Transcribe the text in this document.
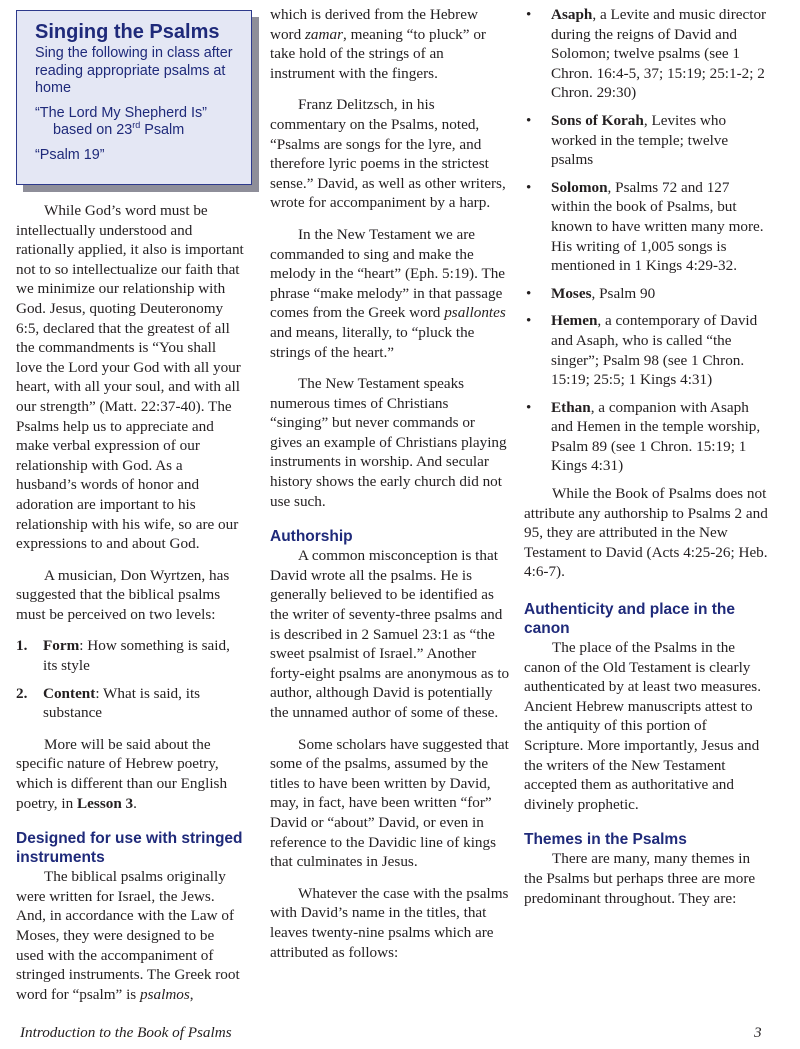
Singing the Psalms
Sing the following in class after reading appropriate psalms at home
“The Lord My Shepherd Is”
based on 23rd Psalm
“Psalm 19”

While God’s word must be intellectually understood and rationally applied, it also is important not to so intellectualize our faith that we minimize our relationship with God. Jesus, quoting Deuteronomy 6:5, declared that the greatest of all the commandments is “You shall love the Lord your God with all your heart, with all your soul, and with all our strength” (Matt. 22:37-40). The Psalms help us to appreciate and make verbal expression of our relationship with God. As a husband’s words of honor and adoration are important to his relationship with his wife, so are our expressions to and about God.

A musician, Don Wyrtzen, has suggested that the biblical psalms must be perceived on two levels:

1. Form: How something is said, its style
2. Content: What is said, its substance

More will be said about the specific nature of Hebrew poetry, which is different than our English poetry, in Lesson 3.

Designed for use with stringed instruments

The biblical psalms originally were written for Israel, the Jews. And, in accordance with the Law of Moses, they were designed to be used with the accompaniment of stringed instruments. The Greek root word for “psalm” is psalmos,

which is derived from the Hebrew word zamar, meaning “to pluck” or take hold of the strings of an instrument with the fingers.

Franz Delitzsch, in his commentary on the Psalms, noted, “Psalms are songs for the lyre, and therefore lyric poems in the strictest sense.” David, as well as other writers, wrote for accompaniment by a harp.

In the New Testament we are commanded to sing and make the melody in the “heart” (Eph. 5:19). The phrase “make melody” in that passage comes from the Greek word psallontes and means, literally, to “pluck the strings of the heart.”

The New Testament speaks numerous times of Christians “singing” but never commands or gives an example of Christians playing instruments in worship. And secular history shows the early church did not use such.

Authorship

A common misconception is that David wrote all the psalms. He is generally believed to be identified as the writer of seventy-three psalms and is described in 2 Samuel 23:1 as “the sweet psalmist of Israel.” Another forty-eight psalms are anonymous as to author, although David is potentially the unnamed author of some of these.

Some scholars have suggested that some of the psalms, assumed by the titles to have been written by David, may, in fact, have been written “for” David or “about” David, or even in reference to the Davidic line of kings that culminates in Jesus.

Whatever the case with the psalms with David’s name in the titles, that leaves twenty-nine psalms which are attributed as follows:

• Asaph, a Levite and music director during the reigns of David and Solomon; twelve psalms (see 1 Chron. 16:4-5, 37; 15:19; 25:1-2; 2 Chron. 29:30)
• Sons of Korah, Levites who worked in the temple; twelve psalms
• Solomon, Psalms 72 and 127 within the book of Psalms, but known to have written many more. His writing of 1,005 songs is mentioned in 1 Kings 4:29-32.
• Moses, Psalm 90
• Hemen, a contemporary of David and Asaph, who is called “the singer”; Psalm 98 (see 1 Chron. 15:19; 25:5; 1 Kings 4:31)
• Ethan, a companion with Asaph and Hemen in the temple worship, Psalm 89 (see 1 Chron. 15:19; 1 Kings 4:31)

While the Book of Psalms does not attribute any authorship to Psalms 2 and 95, they are attributed in the New Testament to David (Acts 4:25-26; Heb. 4:6-7).

Authenticity and place in the canon

The place of the Psalms in the canon of the Old Testament is clearly authenticated by at least two measures. Ancient Hebrew manuscripts attest to the antiquity of this portion of Scripture. More importantly, Jesus and the writers of the New Testament accepted them as authoritative and divinely prophetic.

Themes in the Psalms

There are many, many themes in the Psalms but perhaps three are more predominant throughout. They are:

Introduction to the Book of Psalms	3
